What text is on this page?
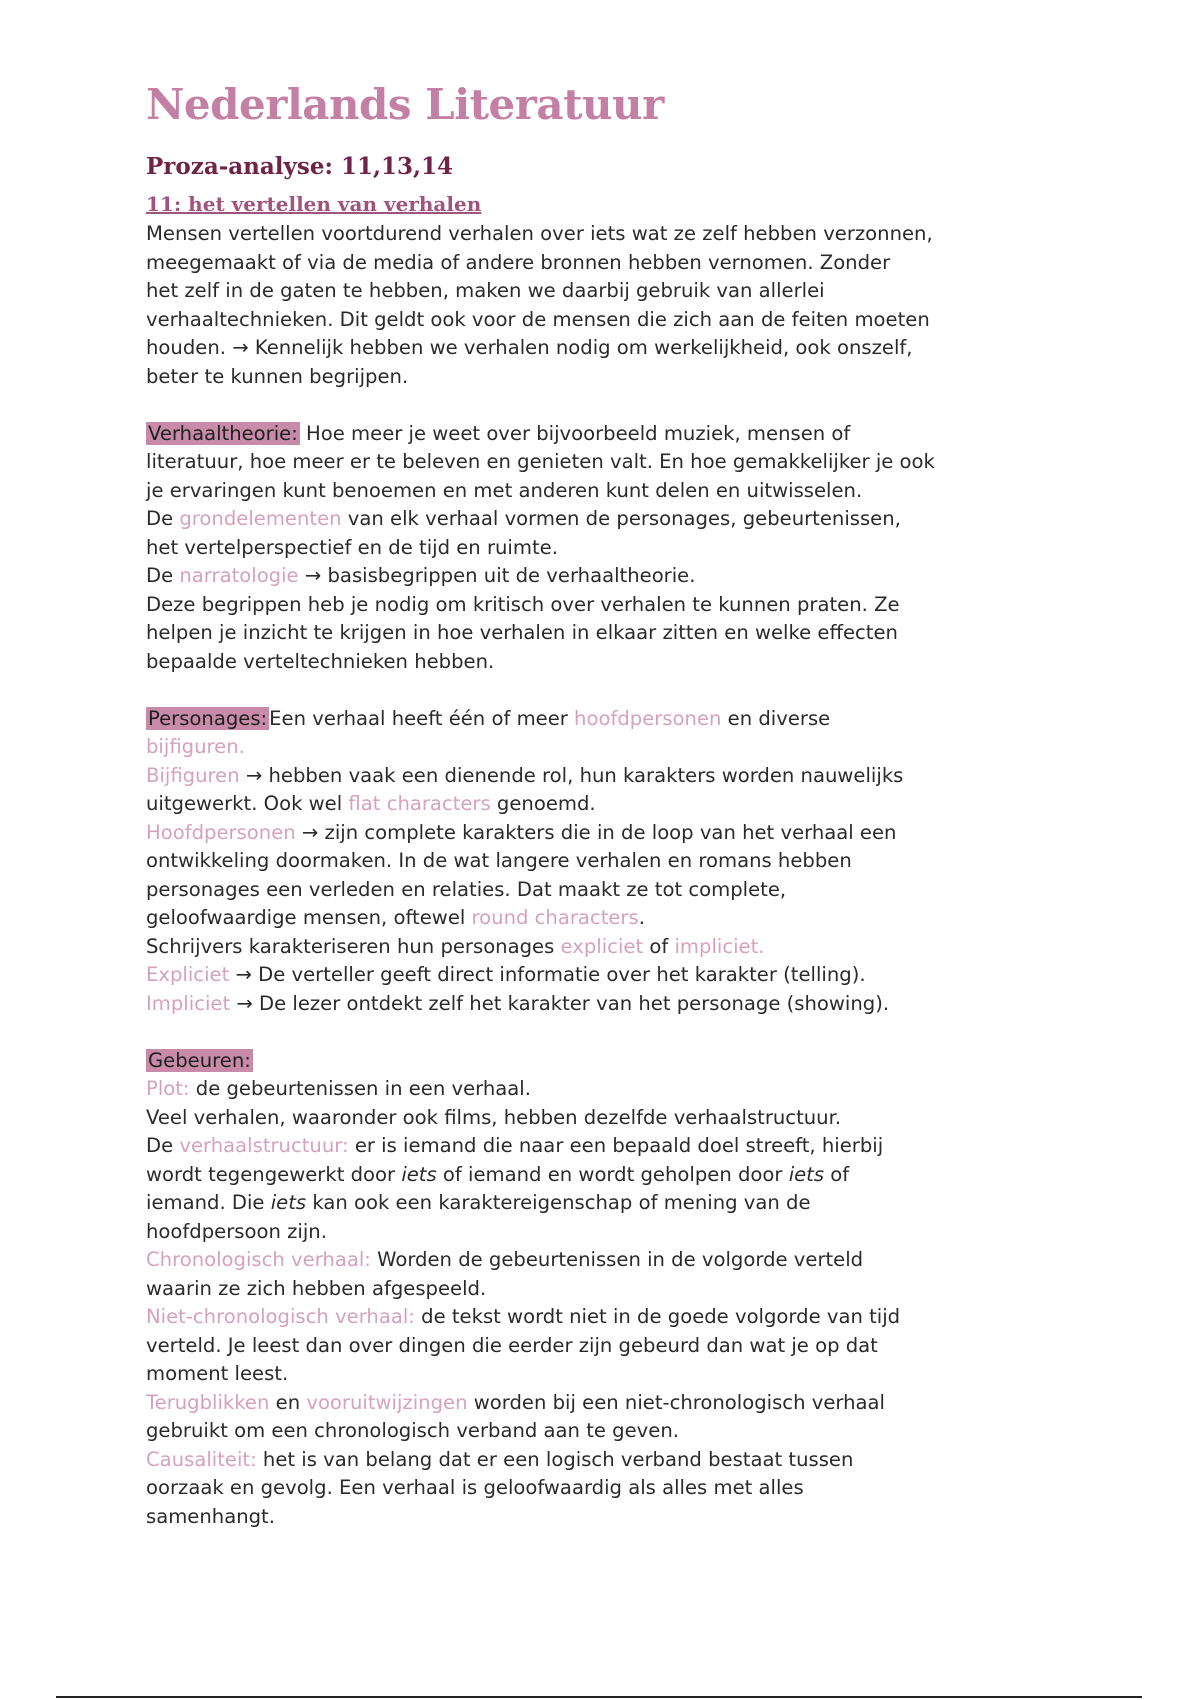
Nederlands Literatuur
Proza-analyse: 11,13,14
11: het vertellen van verhalen
Mensen vertellen voortdurend verhalen over iets wat ze zelf hebben verzonnen,
meegemaakt of via de media of andere bronnen hebben vernomen. Zonder
het zelf in de gaten te hebben, maken we daarbij gebruik van allerlei
verhaaltechnieken. Dit geldt ook voor de mensen die zich aan de feiten moeten
houden. → Kennelijk hebben we verhalen nodig om werkelijkheid, ook onszelf,
beter te kunnen begrijpen.
Verhaaltheorie: Hoe meer je weet over bijvoorbeeld muziek, mensen of
literatuur, hoe meer er te beleven en genieten valt. En hoe gemakkelijker je ook
je ervaringen kunt benoemen en met anderen kunt delen en uitwisselen.
De grondelementen van elk verhaal vormen de personages, gebeurtenissen,
het vertelperspectief en de tijd en ruimte.
De narratologie → basisbegrippen uit de verhaaltheorie.
Deze begrippen heb je nodig om kritisch over verhalen te kunnen praten. Ze
helpen je inzicht te krijgen in hoe verhalen in elkaar zitten en welke effecten
bepaalde verteltechnieken hebben.
Personages: Een verhaal heeft één of meer hoofdpersonen en diverse
bijfiguren.
Bijfiguren → hebben vaak een dienende rol, hun karakters worden nauwelijks
uitgewerkt. Ook wel flat characters genoemd.
Hoofdpersonen → zijn complete karakters die in de loop van het verhaal een
ontwikkeling doormaken. In de wat langere verhalen en romans hebben
personages een verleden en relaties. Dat maakt ze tot complete,
geloofwaardige mensen, oftewel round characters.
Schrijvers karakteriseren hun personages expliciet of impliciet.
Expliciet → De verteller geeft direct informatie over het karakter (telling).
Impliciet → De lezer ontdekt zelf het karakter van het personage (showing).
Gebeuren:
Plot: de gebeurtenissen in een verhaal.
Veel verhalen, waaronder ook films, hebben dezelfde verhaalstructuur.
De verhaalstructuur: er is iemand die naar een bepaald doel streeft, hierbij
wordt tegengewerkt door iets of iemand en wordt geholpen door iets of
iemand. Die iets kan ook een karaktereigenschap of mening van de
hoofdpersoon zijn.
Chronologisch verhaal: Worden de gebeurtenissen in de volgorde verteld
waarin ze zich hebben afgespeeld.
Niet-chronologisch verhaal: de tekst wordt niet in de goede volgorde van tijd
verteld. Je leest dan over dingen die eerder zijn gebeurd dan wat je op dat
moment leest.
Terugblikken en vooruitwijzingen worden bij een niet-chronologisch verhaal
gebruikt om een chronologisch verband aan te geven.
Causaliteit: het is van belang dat er een logisch verband bestaat tussen
oorzaak en gevolg. Een verhaal is geloofwaardig als alles met alles
samenhangt.
